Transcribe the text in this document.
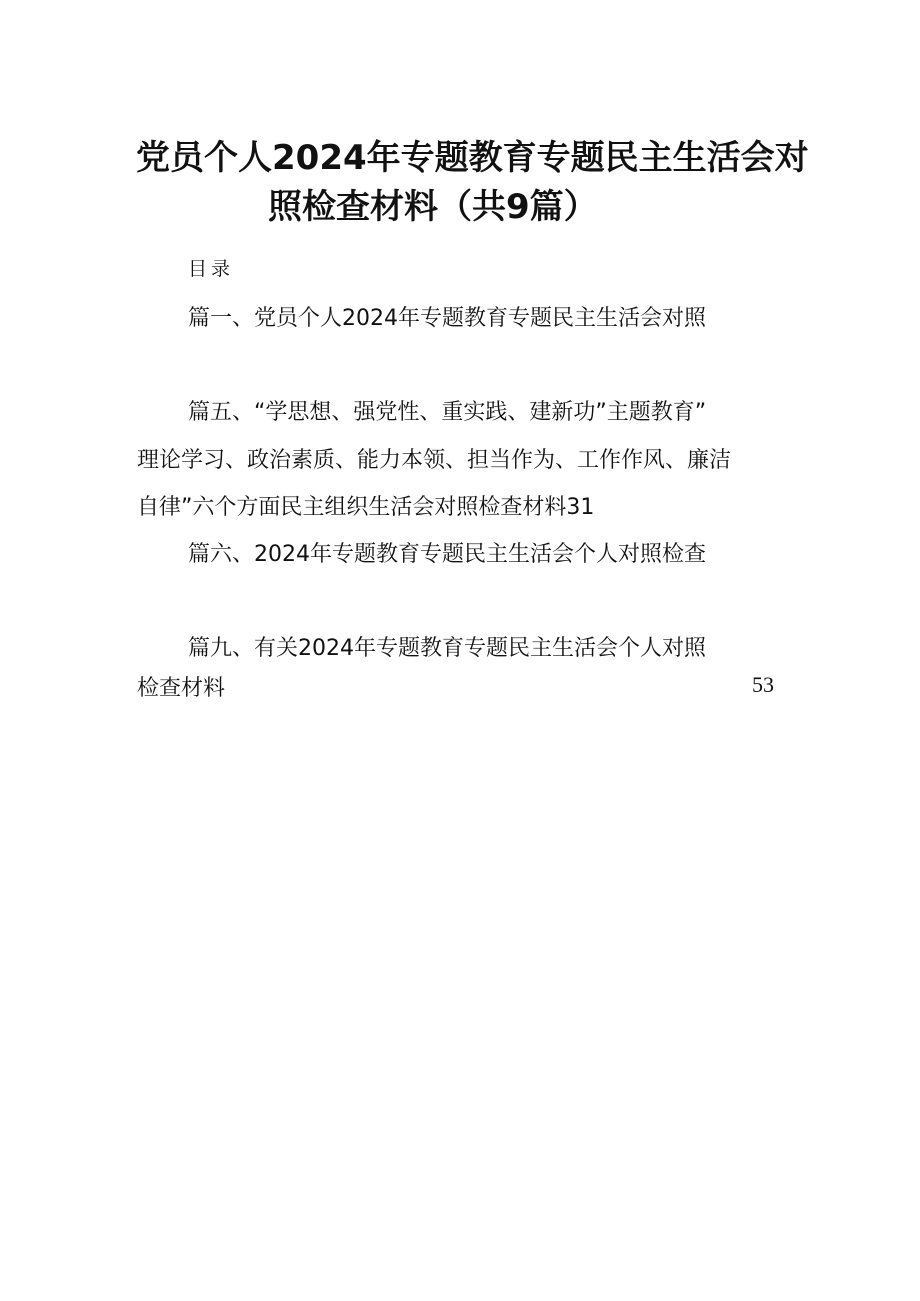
党员个人2024年专题教育专题民主生活会对
照检查材料（共9篇）
目录
篇一、党员个人2024年专题教育专题民主生活会对照
篇五、“学思想、强党性、重实践、建新功”主题教育”
理论学习、政治素质、能力本领、担当作为、工作作风、廉洁
自律”六个方面民主组织生活会对照检查材料31
篇六、2024年专题教育专题民主生活会个人对照检查
篇九、有关2024年专题教育专题民主生活会个人对照
检查材料	53
